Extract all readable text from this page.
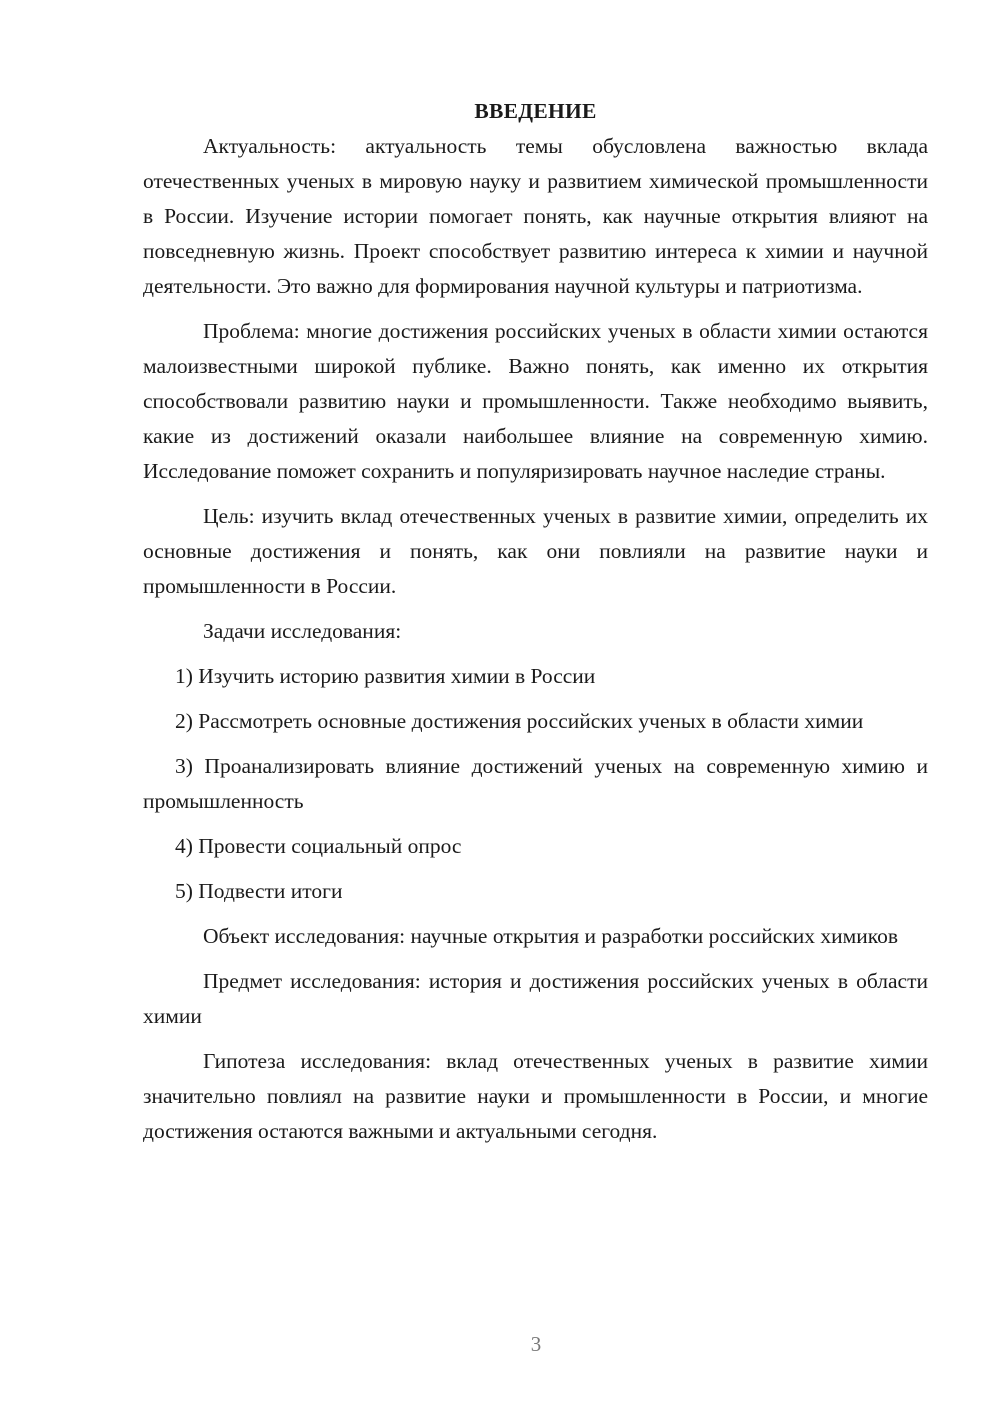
ВВЕДЕНИЕ

Актуальность: актуальность темы обусловлена важностью вклада отечественных ученых в мировую науку и развитием химической промышленности в России. Изучение истории помогает понять, как научные открытия влияют на повседневную жизнь. Проект способствует развитию интереса к химии и научной деятельности. Это важно для формирования научной культуры и патриотизма.

Проблема: многие достижения российских ученых в области химии остаются малоизвестными широкой публике. Важно понять, как именно их открытия способствовали развитию науки и промышленности. Также необходимо выявить, какие из достижений оказали наибольшее влияние на современную химию. Исследование поможет сохранить и популяризировать научное наследие страны.

Цель: изучить вклад отечественных ученых в развитие химии, определить их основные достижения и понять, как они повлияли на развитие науки и промышленности в России.

Задачи исследования:

1) Изучить историю развития химии в России

2) Рассмотреть основные достижения российских ученых в области химии

3) Проанализировать влияние достижений ученых на современную химию и промышленность

4) Провести социальный опрос

5) Подвести итоги

Объект исследования: научные открытия и разработки российских химиков

Предмет исследования: история и достижения российских ученых в области химии

Гипотеза исследования: вклад отечественных ученых в развитие химии значительно повлиял на развитие науки и промышленности в России, и многие достижения остаются важными и актуальными сегодня.

3
